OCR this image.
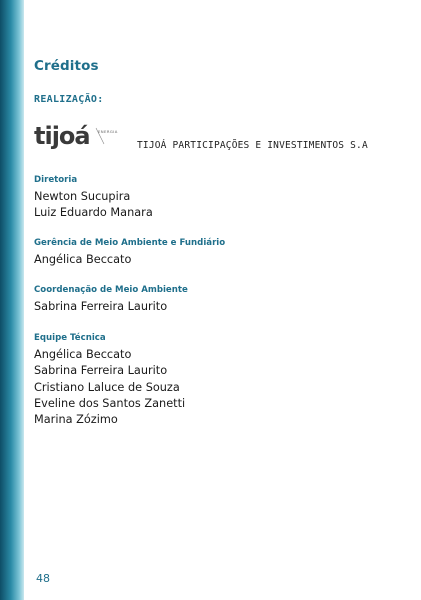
Créditos
REALIZAÇÃO:
tijoá ENERGIA
TIJOÁ PARTICIPAÇÕES E INVESTIMENTOS S.A
Diretoria
Newton Sucupira
Luiz Eduardo Manara
Gerência de Meio Ambiente e Fundiário
Angélica Beccato
Coordenação de Meio Ambiente
Sabrina Ferreira Laurito
Equipe Técnica
Angélica Beccato
Sabrina Ferreira Laurito
Cristiano Laluce de Souza
Eveline dos Santos Zanetti
Marina Zózimo
48
